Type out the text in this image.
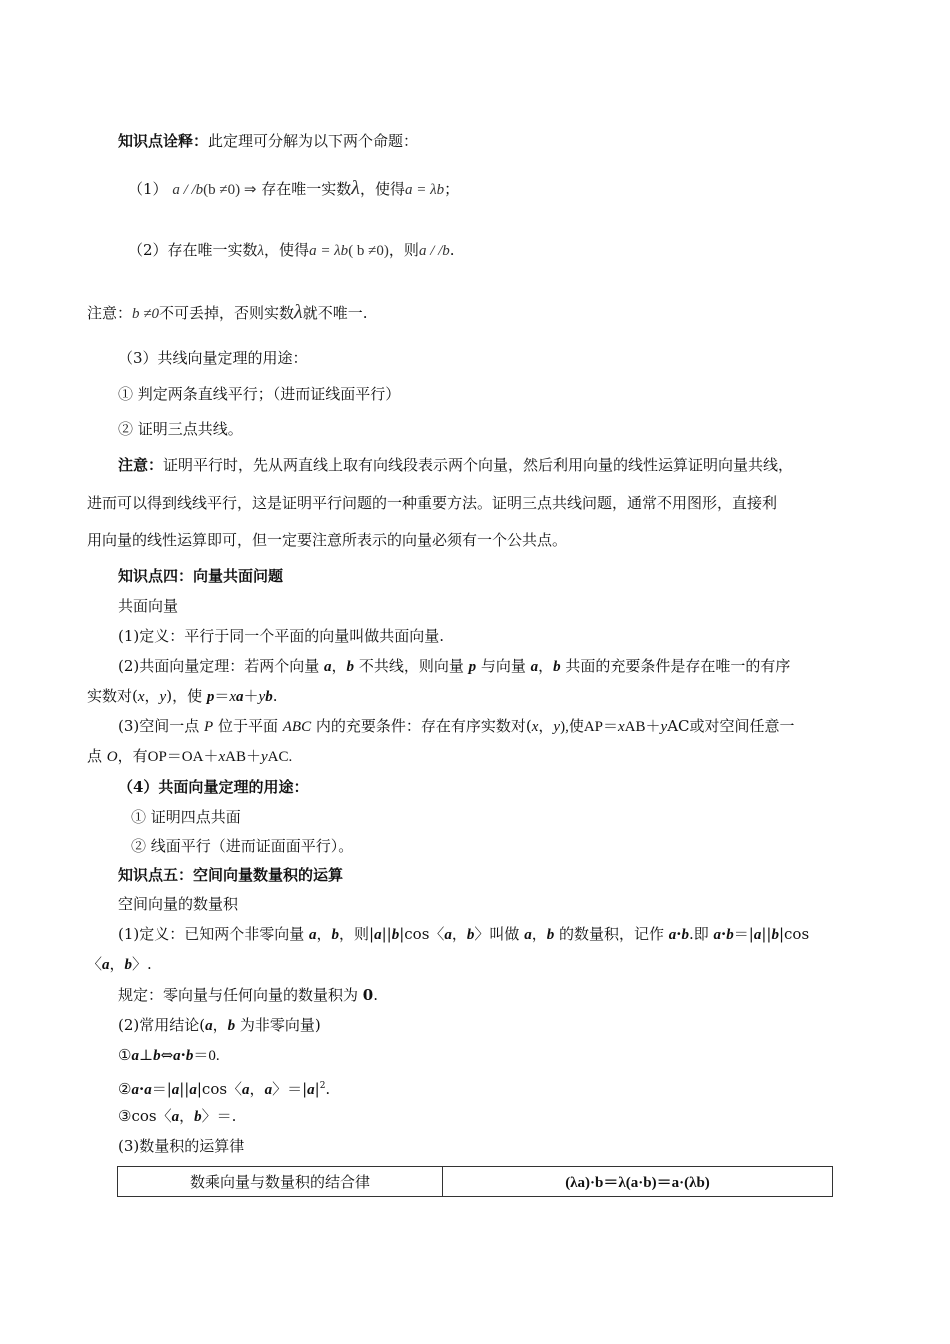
知识点诠释：此定理可分解为以下两个命题：
（1） a / /b(b ≠0) ⇒ 存在唯一实数λ，使得a = λb；
（2）存在唯一实数λ，使得a = λb( b ≠0)，则a / /b.
注意：b ≠0不可丢掉，否则实数λ就不唯一.
（3）共线向量定理的用途：
① 判定两条直线平行；（进而证线面平行）
② 证明三点共线。
注意：证明平行时，先从两直线上取有向线段表示两个向量，然后利用向量的线性运算证明向量共线，
进而可以得到线线平行，这是证明平行问题的一种重要方法。证明三点共线问题，通常不用图形，直接利
用向量的线性运算即可，但一定要注意所表示的向量必须有一个公共点。
知识点四：向量共面问题
共面向量
(1)定义：平行于同一个平面的向量叫做共面向量.
(2)共面向量定理：若两个向量 a，b 不共线，则向量 p 与向量 a，b 共面的充要条件是存在唯一的有序
实数对(x，y)，使 p＝xa＋yb.
(3)空间一点 P 位于平面 ABC 内的充要条件：存在有序实数对(x，y),使AP＝xAB＋yAC或对空间任意一
点 O，有OP＝OA＋xAB＋yAC.
（4）共面向量定理的用途：
① 证明四点共面
② 线面平行（进而证面面平行）。
知识点五：空间向量数量积的运算
空间向量的数量积
(1)定义：已知两个非零向量 a，b，则|a||b|cos〈a，b〉叫做 a，b 的数量积，记作 a·b.即 a·b＝|a||b|cos
〈a，b〉.
规定：零向量与任何向量的数量积为 0.
(2)常用结论(a，b 为非零向量)
①a⊥b⇔a·b＝0.
②a·a＝|a||a|cos〈a，a〉$=|a|^2$.
③cos〈a，b〉＝.
(3)数量积的运算律
数乘向量与数量积的结合律	(λa)·b＝λ(a·b)＝a·(λb)
